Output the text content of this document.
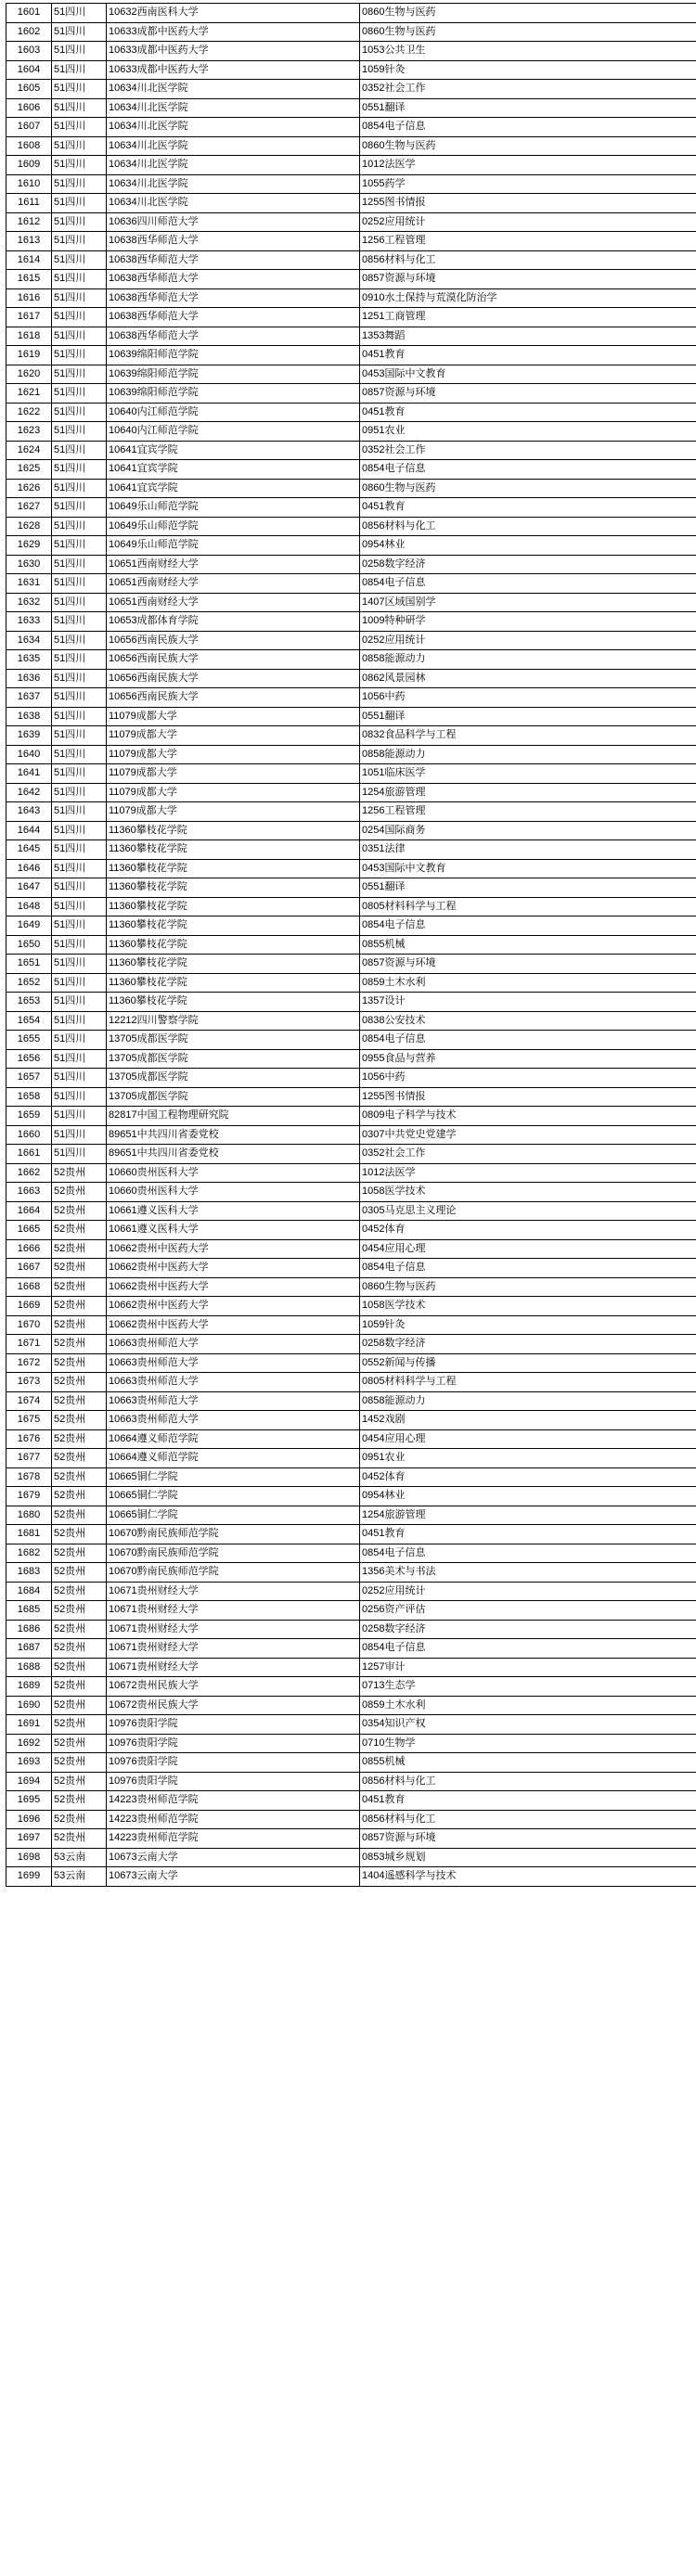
1601	51四川	10632西南医科大学	0860生物与医药
1602	51四川	10633成都中医药大学	0860生物与医药
1603	51四川	10633成都中医药大学	1053公共卫生
1604	51四川	10633成都中医药大学	1059针灸
1605	51四川	10634川北医学院	0352社会工作
1606	51四川	10634川北医学院	0551翻译
1607	51四川	10634川北医学院	0854电子信息
1608	51四川	10634川北医学院	0860生物与医药
1609	51四川	10634川北医学院	1012法医学
1610	51四川	10634川北医学院	1055药学
1611	51四川	10634川北医学院	1255图书情报
1612	51四川	10636四川师范大学	0252应用统计
1613	51四川	10638西华师范大学	1256工程管理
1614	51四川	10638西华师范大学	0856材料与化工
1615	51四川	10638西华师范大学	0857资源与环境
1616	51四川	10638西华师范大学	0910水土保持与荒漠化防治学
1617	51四川	10638西华师范大学	1251工商管理
1618	51四川	10638西华师范大学	1353舞蹈
1619	51四川	10639绵阳师范学院	0451教育
1620	51四川	10639绵阳师范学院	0453国际中文教育
1621	51四川	10639绵阳师范学院	0857资源与环境
1622	51四川	10640内江师范学院	0451教育
1623	51四川	10640内江师范学院	0951农业
1624	51四川	10641宜宾学院	0352社会工作
1625	51四川	10641宜宾学院	0854电子信息
1626	51四川	10641宜宾学院	0860生物与医药
1627	51四川	10649乐山师范学院	0451教育
1628	51四川	10649乐山师范学院	0856材料与化工
1629	51四川	10649乐山师范学院	0954林业
1630	51四川	10651西南财经大学	0258数字经济
1631	51四川	10651西南财经大学	0854电子信息
1632	51四川	10651西南财经大学	1407区域国别学
1633	51四川	10653成都体育学院	1009特种研学
1634	51四川	10656西南民族大学	0252应用统计
1635	51四川	10656西南民族大学	0858能源动力
1636	51四川	10656西南民族大学	0862风景园林
1637	51四川	10656西南民族大学	1056中药
1638	51四川	11079成都大学	0551翻译
1639	51四川	11079成都大学	0832食品科学与工程
1640	51四川	11079成都大学	0858能源动力
1641	51四川	11079成都大学	1051临床医学
1642	51四川	11079成都大学	1254旅游管理
1643	51四川	11079成都大学	1256工程管理
1644	51四川	11360攀枝花学院	0254国际商务
1645	51四川	11360攀枝花学院	0351法律
1646	51四川	11360攀枝花学院	0453国际中文教育
1647	51四川	11360攀枝花学院	0551翻译
1648	51四川	11360攀枝花学院	0805材料科学与工程
1649	51四川	11360攀枝花学院	0854电子信息
1650	51四川	11360攀枝花学院	0855机械
1651	51四川	11360攀枝花学院	0857资源与环境
1652	51四川	11360攀枝花学院	0859土木水利
1653	51四川	11360攀枝花学院	1357设计
1654	51四川	12212四川警察学院	0838公安技术
1655	51四川	13705成都医学院	0854电子信息
1656	51四川	13705成都医学院	0955食品与营养
1657	51四川	13705成都医学院	1056中药
1658	51四川	13705成都医学院	1255图书情报
1659	51四川	82817中国工程物理研究院	0809电子科学与技术
1660	51四川	89651中共四川省委党校	0307中共党史党建学
1661	51四川	89651中共四川省委党校	0352社会工作
1662	52贵州	10660贵州医科大学	1012法医学
1663	52贵州	10660贵州医科大学	1058医学技术
1664	52贵州	10661遵义医科大学	0305马克思主义理论
1665	52贵州	10661遵义医科大学	0452体育
1666	52贵州	10662贵州中医药大学	0454应用心理
1667	52贵州	10662贵州中医药大学	0854电子信息
1668	52贵州	10662贵州中医药大学	0860生物与医药
1669	52贵州	10662贵州中医药大学	1058医学技术
1670	52贵州	10662贵州中医药大学	1059针灸
1671	52贵州	10663贵州师范大学	0258数字经济
1672	52贵州	10663贵州师范大学	0552新闻与传播
1673	52贵州	10663贵州师范大学	0805材料科学与工程
1674	52贵州	10663贵州师范大学	0858能源动力
1675	52贵州	10663贵州师范大学	1452戏剧
1676	52贵州	10664遵义师范学院	0454应用心理
1677	52贵州	10664遵义师范学院	0951农业
1678	52贵州	10665铜仁学院	0452体育
1679	52贵州	10665铜仁学院	0954林业
1680	52贵州	10665铜仁学院	1254旅游管理
1681	52贵州	10670黔南民族师范学院	0451教育
1682	52贵州	10670黔南民族师范学院	0854电子信息
1683	52贵州	10670黔南民族师范学院	1356美术与书法
1684	52贵州	10671贵州财经大学	0252应用统计
1685	52贵州	10671贵州财经大学	0256资产评估
1686	52贵州	10671贵州财经大学	0258数字经济
1687	52贵州	10671贵州财经大学	0854电子信息
1688	52贵州	10671贵州财经大学	1257审计
1689	52贵州	10672贵州民族大学	0713生态学
1690	52贵州	10672贵州民族大学	0859土木水利
1691	52贵州	10976贵阳学院	0354知识产权
1692	52贵州	10976贵阳学院	0710生物学
1693	52贵州	10976贵阳学院	0855机械
1694	52贵州	10976贵阳学院	0856材料与化工
1695	52贵州	14223贵州师范学院	0451教育
1696	52贵州	14223贵州师范学院	0856材料与化工
1697	52贵州	14223贵州师范学院	0857资源与环境
1698	53云南	10673云南大学	0853城乡规划
1699	53云南	10673云南大学	1404遥感科学与技术
